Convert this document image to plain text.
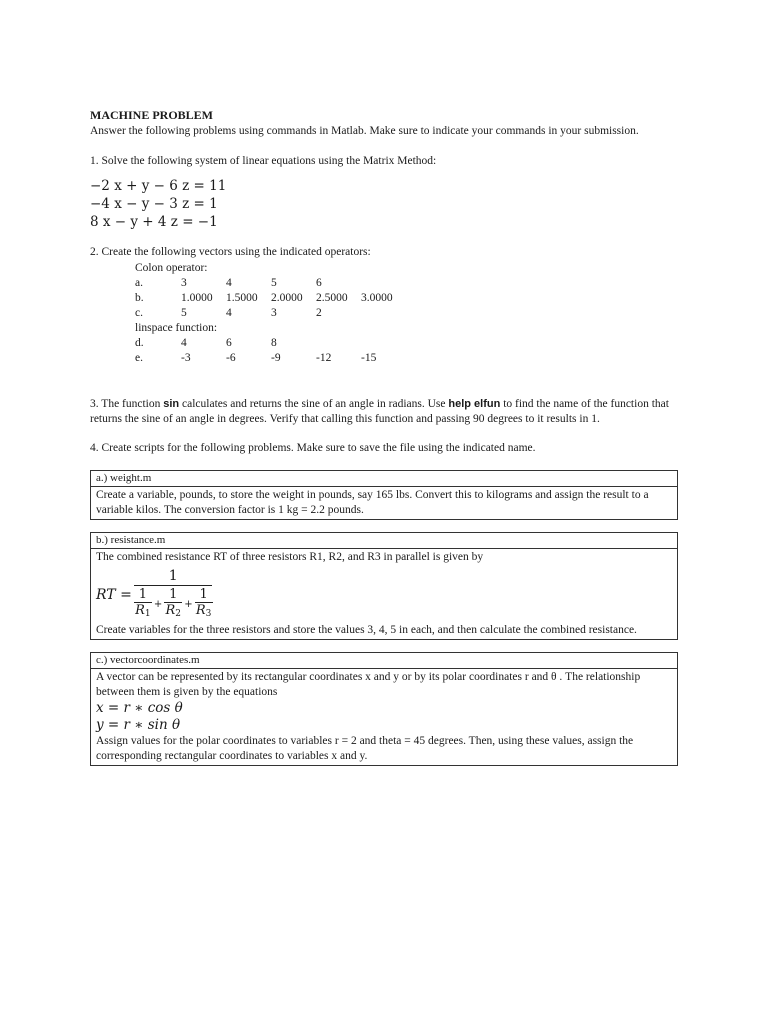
MACHINE PROBLEM

Answer the following problems using commands in Matlab. Make sure to indicate your commands in your submission.

1. Solve the following system of linear equations using the Matrix Method:
−2 x + y − 6 z = 11
−4 x − y − 3 z = 1
8 x − y + 4 z = −1
2. Create the following vectors using the indicated operators:
Colon operator:
a.	3	4	5	6
b.	1.0000	1.5000	2.0000	2.5000	3.0000
c.	5	4	3	2
linspace function:
d.	4	6	8
e.	-3	-6	-9	-12	-15

3. The function sin calculates and returns the sine of an angle in radians. Use help elfun to find the name of the function that returns the sine of an angle in degrees. Verify that calling this function and passing 90 degrees to it results in 1.

4. Create scripts for the following problems. Make sure to save the file using the indicated name.
a.) weight.m

Create a variable, pounds, to store the weight in pounds, say 165 lbs. Convert this to kilograms and assign the result to a variable kilos. The conversion factor is 1 kg = 2.2 pounds.

b.) resistance.m

The combined resistance RT of three resistors R1, R2, and R3 in parallel is given by

RT =
1
1
R1
+
1
R2
+
1
R3

Create variables for the three resistors and store the values 3, 4, 5 in each, and then calculate the combined resistance.

c.) vectorcoordinates.m

A vector can be represented by its rectangular coordinates x and y or by its polar coordinates r and θ . The relationship between them is given by the equations

x = r ∗ cos θ
y = r ∗ sin θ

Assign values for the polar coordinates to variables r = 2 and theta = 45 degrees. Then, using these values, assign the corresponding rectangular coordinates to variables x and y.
